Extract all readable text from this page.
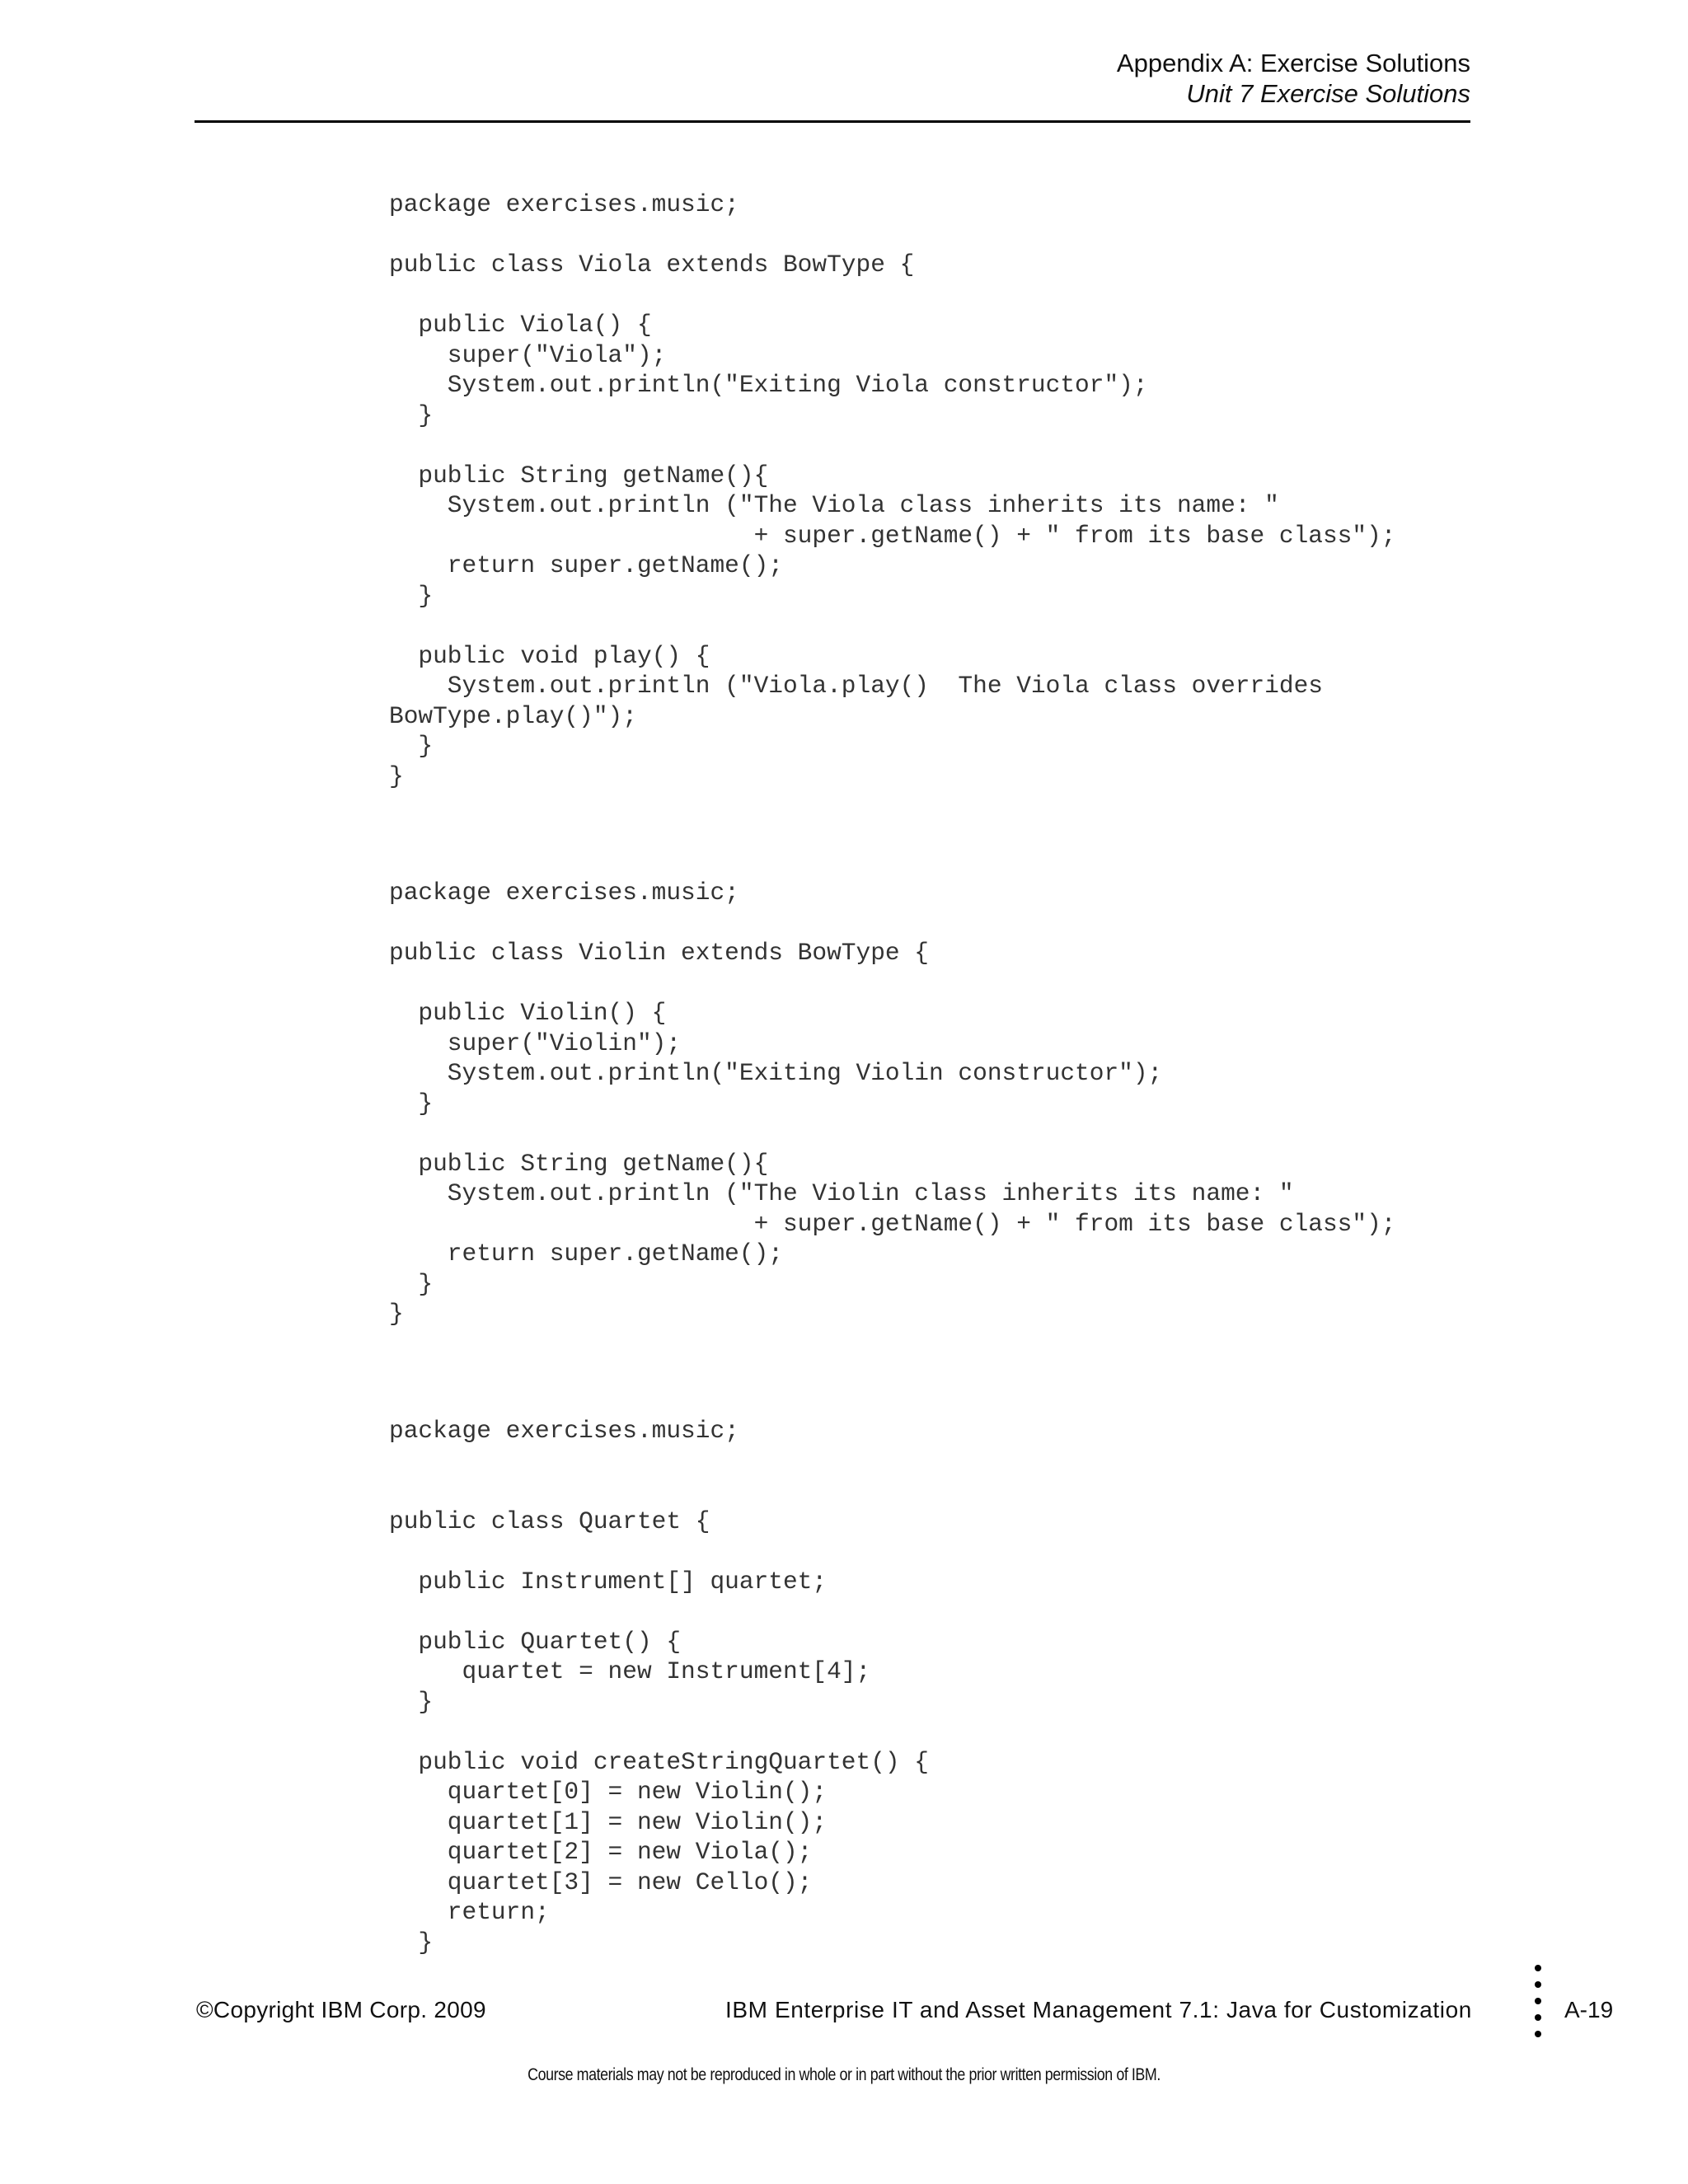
Appendix A: Exercise Solutions
Unit 7 Exercise Solutions
package exercises.music;

public class Viola extends BowType {

public Viola() {
super("Viola");
System.out.println("Exiting Viola constructor");
}

public String getName(){
System.out.println ("The Viola class inherits its name: "
+ super.getName() + " from its base class");
return super.getName();
}

public void play() {
System.out.println ("Viola.play()  The Viola class overrides
BowType.play()");
}
}
package exercises.music;

public class Violin extends BowType {

public Violin() {
super("Violin");
System.out.println("Exiting Violin constructor");
}

public String getName(){
System.out.println ("The Violin class inherits its name: "
+ super.getName() + " from its base class");
return super.getName();
}
}
package exercises.music;

public class Quartet {

public Instrument[] quartet;

public Quartet() {
quartet = new Instrument[4];
}

public void createStringQuartet() {
quartet[0] = new Violin();
quartet[1] = new Violin();
quartet[2] = new Viola();
quartet[3] = new Cello();
return;
}
©Copyright IBM Corp. 2009	IBM Enterprise IT and Asset Management 7.1: Java for Customization	A-19
Course materials may not be reproduced in whole or in part without the prior written permission of IBM.
